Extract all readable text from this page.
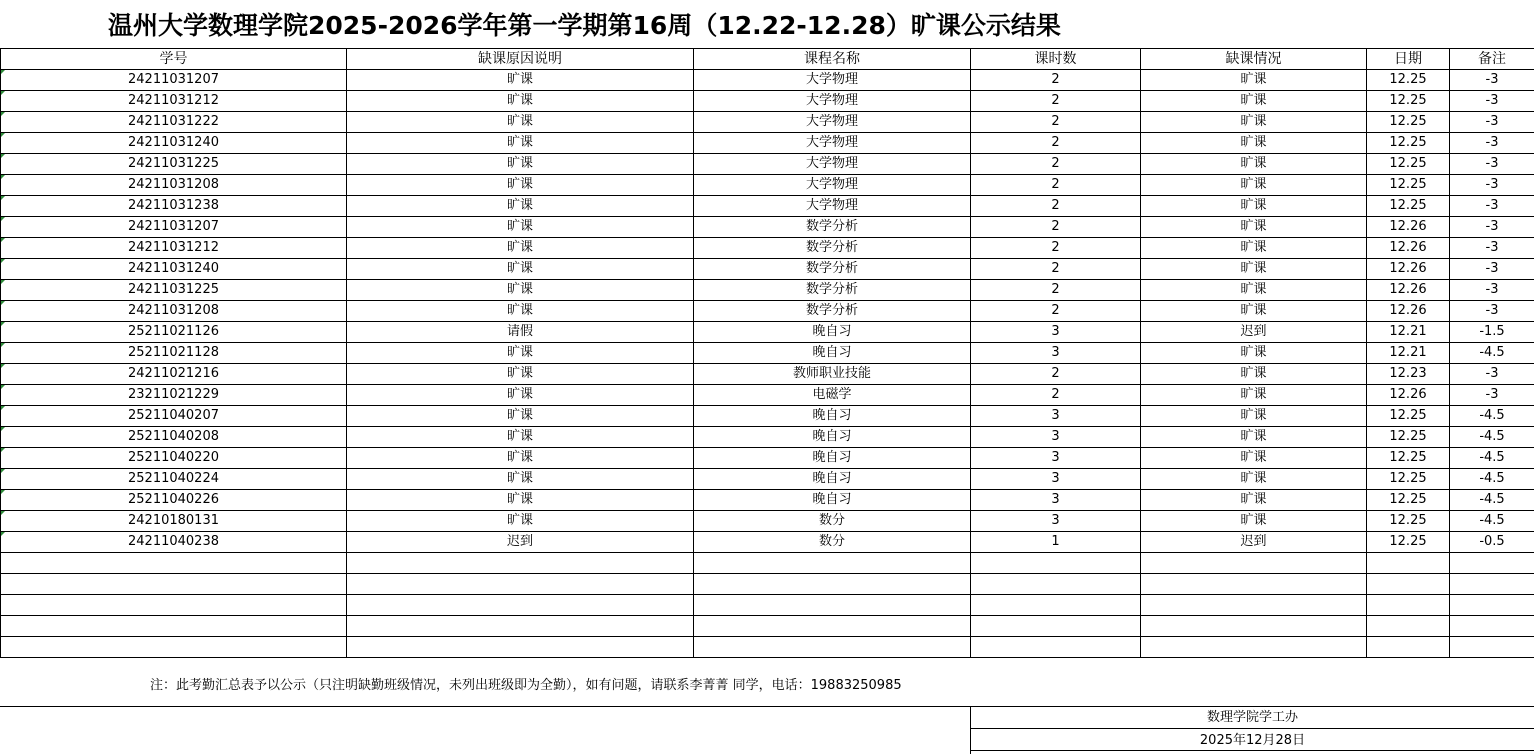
温州大学数理学院2025-2026学年第一学期第16周（12.22-12.28）旷课公示结果
学号	缺课原因说明	课程名称	课时数	缺课情况	日期	备注

24211031207	旷课	大学物理	2	旷课	12.25	-3

24211031212	旷课	大学物理	2	旷课	12.25	-3

24211031222	旷课	大学物理	2	旷课	12.25	-3

24211031240	旷课	大学物理	2	旷课	12.25	-3

24211031225	旷课	大学物理	2	旷课	12.25	-3

24211031208	旷课	大学物理	2	旷课	12.25	-3

24211031238	旷课	大学物理	2	旷课	12.25	-3

24211031207	旷课	数学分析	2	旷课	12.26	-3

24211031212	旷课	数学分析	2	旷课	12.26	-3

24211031240	旷课	数学分析	2	旷课	12.26	-3

24211031225	旷课	数学分析	2	旷课	12.26	-3

24211031208	旷课	数学分析	2	旷课	12.26	-3

25211021126	请假	晚自习	3	迟到	12.21	-1.5

25211021128	旷课	晚自习	3	旷课	12.21	-4.5

24211021216	旷课	教师职业技能	2	旷课	12.23	-3

23211021229	旷课	电磁学	2	旷课	12.26	-3

25211040207	旷课	晚自习	3	旷课	12.25	-4.5

25211040208	旷课	晚自习	3	旷课	12.25	-4.5

25211040220	旷课	晚自习	3	旷课	12.25	-4.5

25211040224	旷课	晚自习	3	旷课	12.25	-4.5

25211040226	旷课	晚自习	3	旷课	12.25	-4.5

24210180131	旷课	数分	3	旷课	12.25	-4.5

24211040238	迟到	数分	1	迟到	12.25	-0.5

注：此考勤汇总表予以公示（只注明缺勤班级情况，未列出班级即为全勤），如有问题，请联系李菁菁 同学，电话：19883250985
数理学院学工办
2025年12月28日
